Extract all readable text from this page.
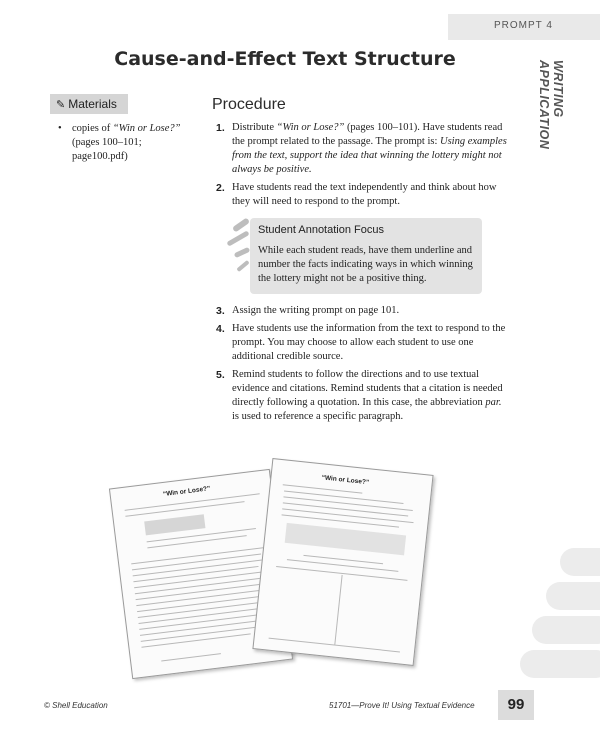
PROMPT 4
WRITING APPLICATION
Cause-and-Effect Text Structure
✎ Materials
• copies of “Win or Lose?” (pages 100–101; page100.pdf)
Procedure
1. Distribute “Win or Lose?” (pages 100–101). Have students read the prompt related to the passage. The prompt is: Using examples from the text, support the idea that winning the lottery might not always be positive.
2. Have students read the text independently and think about how they will need to respond to the prompt.
Student Annotation Focus
While each student reads, have them underline and number the facts indicating ways in which winning the lottery might not be a positive thing.
3. Assign the writing prompt on page 101.
4. Have students use the information from the text to respond to the prompt. You may choose to allow each student to use one additional credible source.
5. Remind students to follow the directions and to use textual evidence and citations. Remind students that a citation is needed directly following a quotation. In this case, the abbreviation par. is used to reference a specific paragraph.
“Win or Lose?”
“Win or Lose?”
© Shell Education	51701—Prove It! Using Textual Evidence	99
